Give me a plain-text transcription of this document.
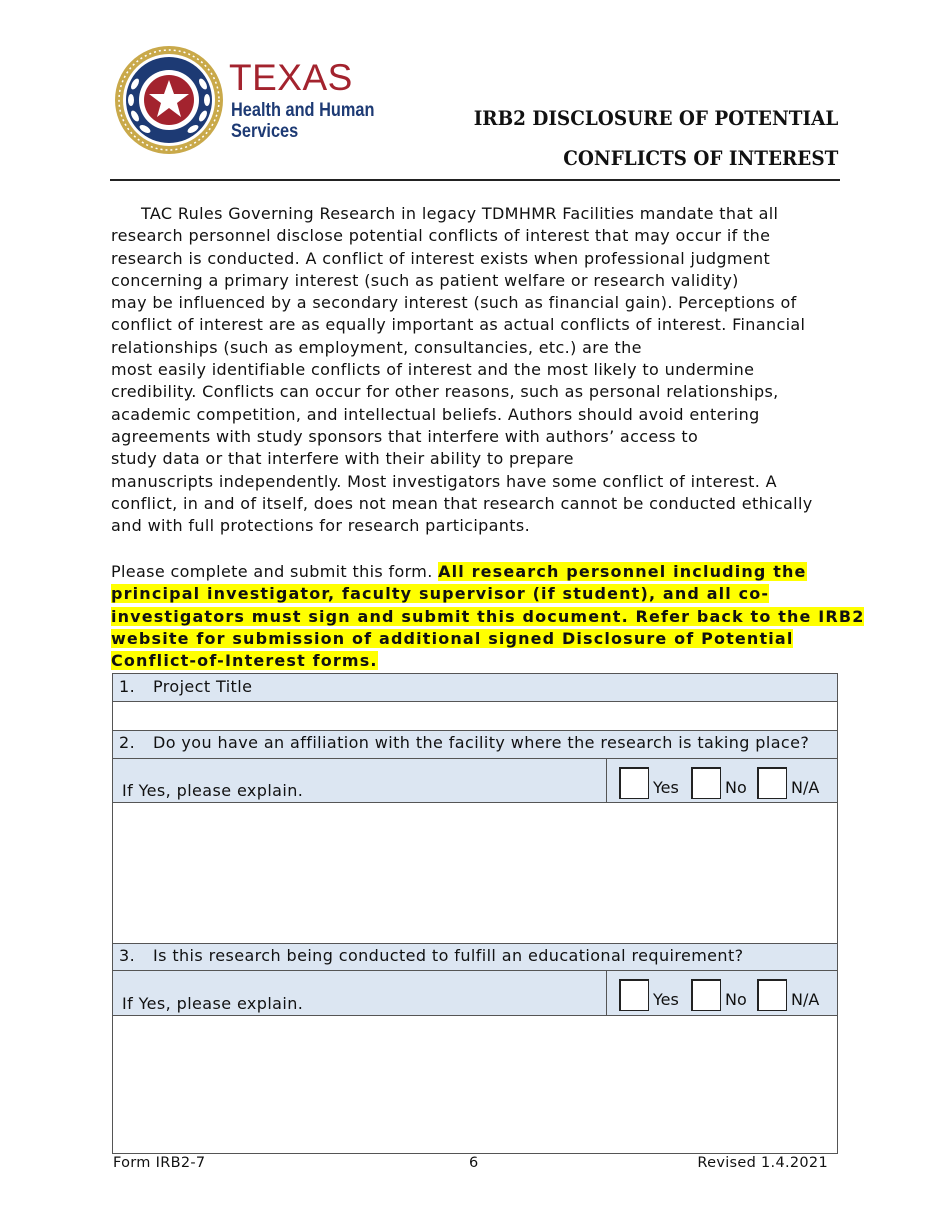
TEXAS
Health and Human
Services
IRB2 DISCLOSURE OF POTENTIAL
CONFLICTS OF INTEREST
TAC Rules Governing Research in legacy TDMHMR Facilities mandate that all
research personnel disclose potential conflicts of interest that may occur if the
research is conducted. A conflict of interest exists when professional judgment
concerning a primary interest (such as patient welfare or research validity)
may be influenced by a secondary interest (such as financial gain). Perceptions of
conflict of interest are as equally important as actual conflicts of interest. Financial
relationships (such as employment, consultancies, etc.) are the
most easily identifiable conflicts of interest and the most likely to undermine
credibility. Conflicts can occur for other reasons, such as personal relationships,
academic competition, and intellectual beliefs. Authors should avoid entering
agreements with study sponsors that interfere with authors’ access to
study data or that interfere with their ability to prepare
manuscripts independently. Most investigators have some conflict of interest. A
conflict, in and of itself, does not mean that research cannot be conducted ethically
and with full protections for research participants.
Please complete and submit this form. All research personnel including the
principal investigator, faculty supervisor (if student), and all co-
investigators must sign and submit this document. Refer back to the IRB2
website for submission of additional signed Disclosure of Potential
Conflict-of-Interest forms.
1. Project Title
2. Do you have an affiliation with the facility where the research is taking place?
If Yes, please explain.	Yes	No	N/A
3. Is this research being conducted to fulfill an educational requirement?
If Yes, please explain.	Yes	No	N/A
Form IRB2-7	6	Revised 1.4.2021
